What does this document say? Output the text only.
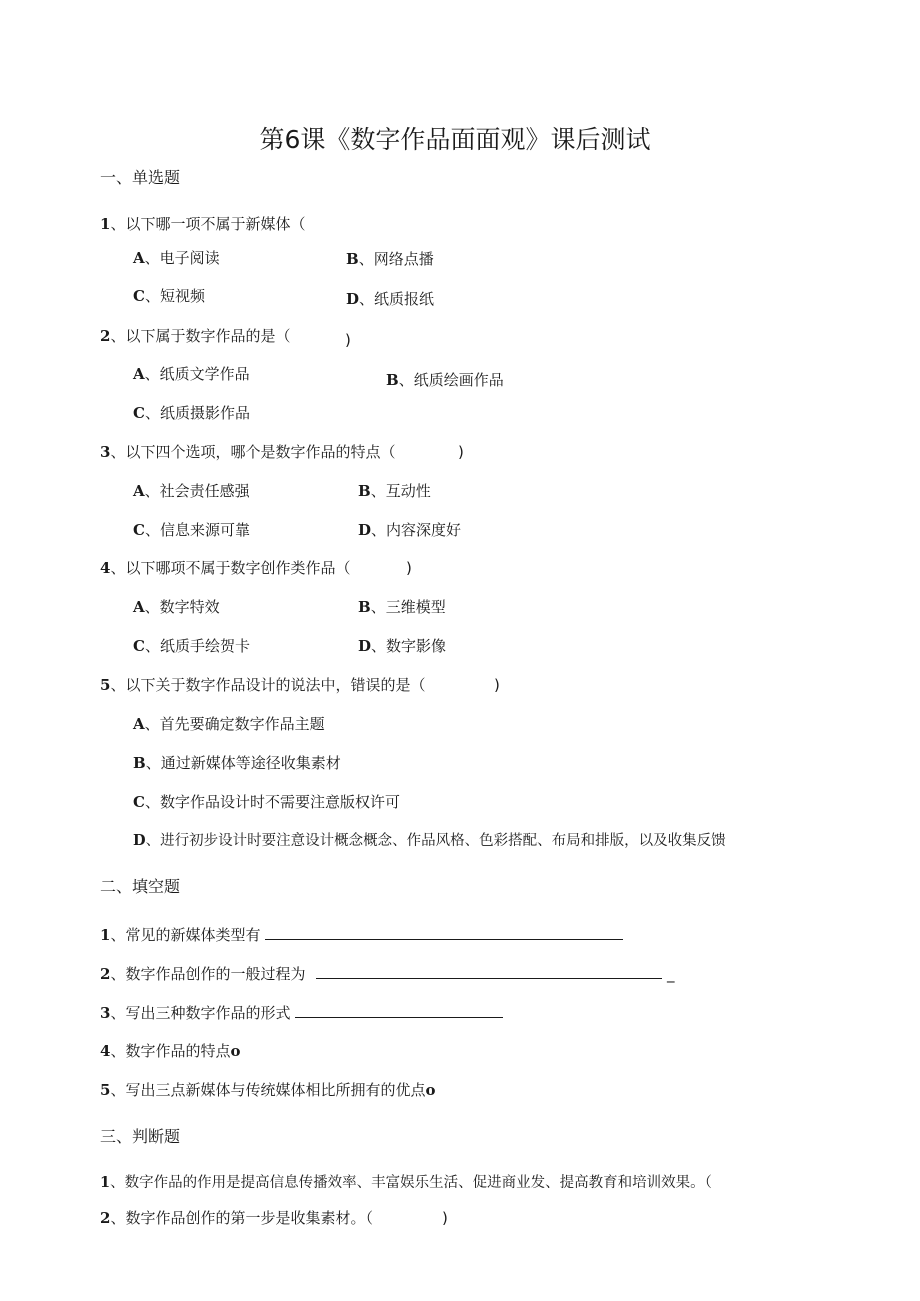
第6课《数字作品面面观》课后测试
一、单选题
1、以下哪一项不属于新媒体（
A、电子阅读	B、网络点播
C、短视频	D、纸质报纸
2、以下属于数字作品的是（	)
A、纸质文学作品	B、纸质绘画作品
C、纸质摄影作品
3、以下四个选项，哪个是数字作品的特点（	)
A、社会责任感强	B、互动性
C、信息来源可靠	D、内容深度好
4、以下哪项不属于数字创作类作品（	)
A、数字特效	B、三维模型
C、纸质手绘贺卡	D、数字影像
5、以下关于数字作品设计的说法中，错误的是（	)
A、首先要确定数字作品主题
B、通过新媒体等途径收集素材
C、数字作品设计时不需要注意版权许可
D、进行初步设计时要注意设计概念概念、作品风格、色彩搭配、布局和排版，以及收集反馈
二、填空题
1、常见的新媒体类型有
2、数字作品创作的一般过程为	_
3、写出三种数字作品的形式
4、数字作品的特点o
5、写出三点新媒体与传统媒体相比所拥有的优点o
三、判断题
1、数字作品的作用是提高信息传播效率、丰富娱乐生活、促进商业发、提高教育和培训效果。（
2、数字作品创作的第一步是收集素材。（	)
